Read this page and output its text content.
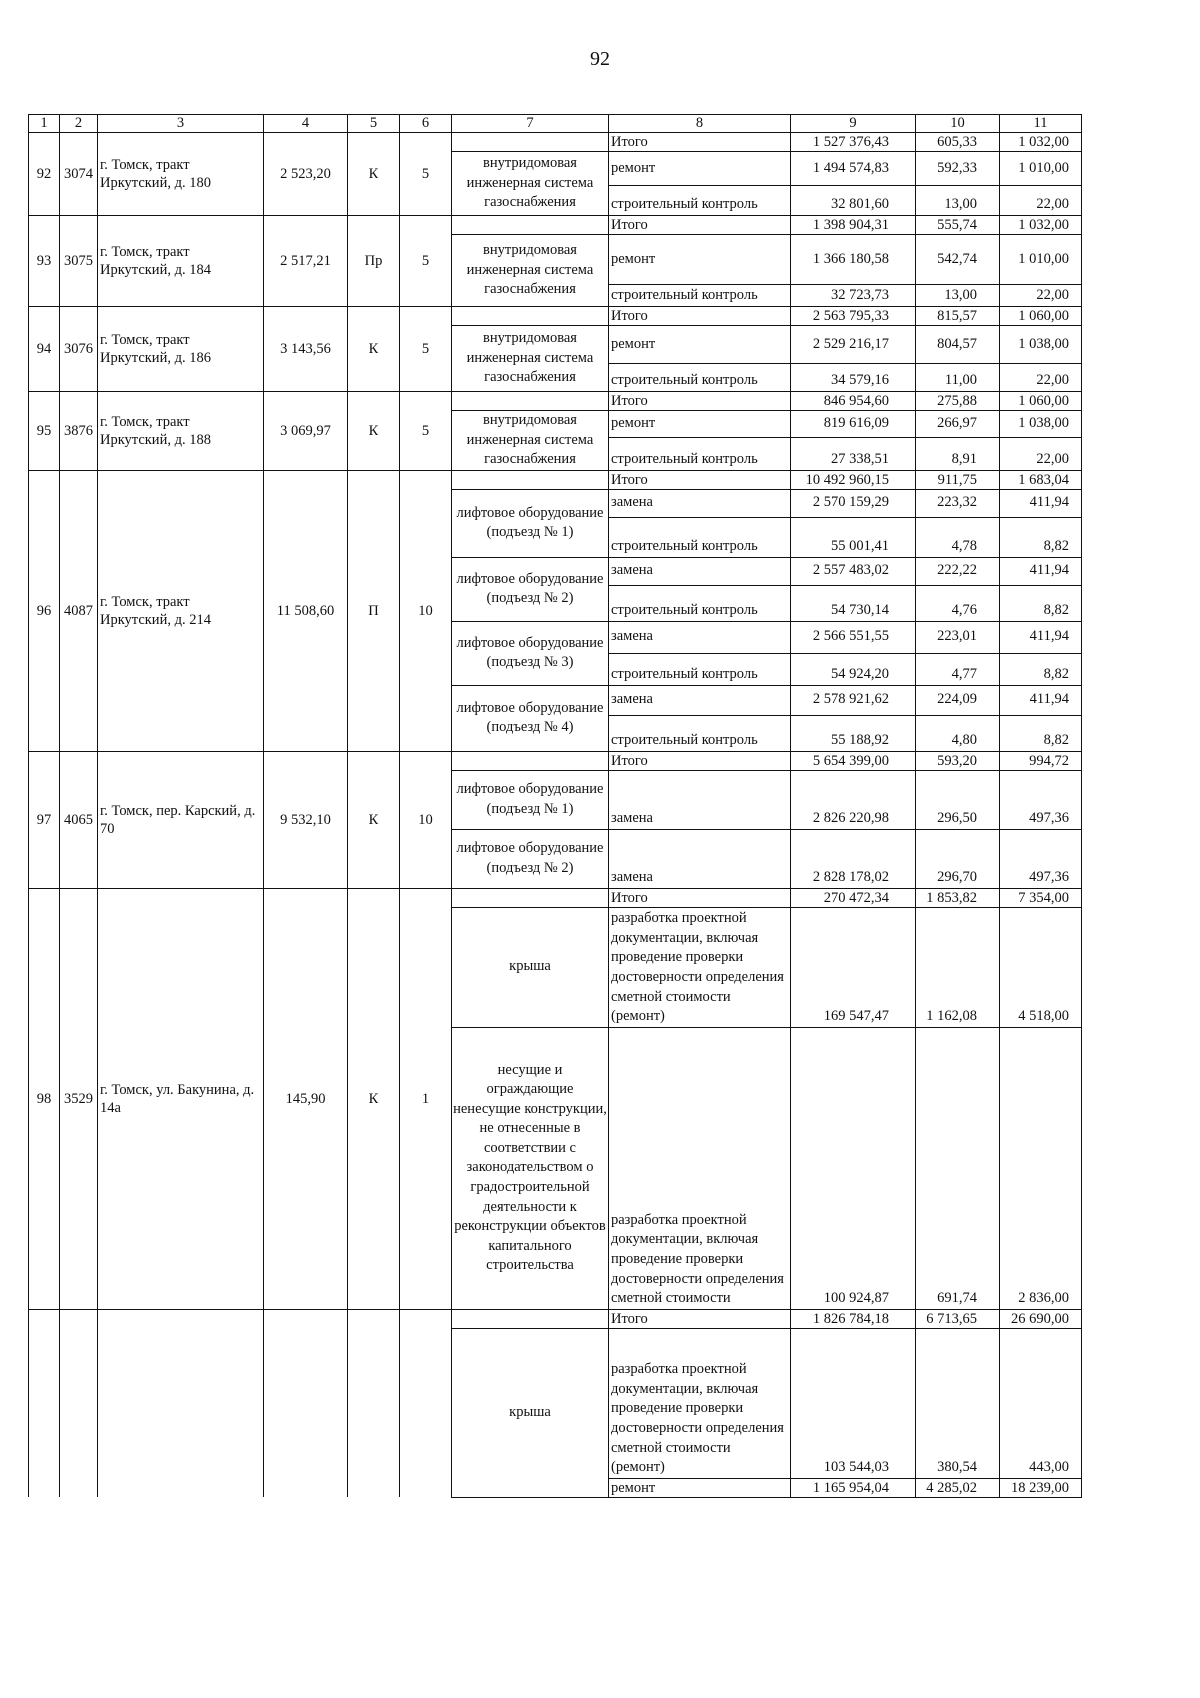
92
1	2	3	4	5	6	7	8	9	10	11
92	3074	г. Томск, тракт Иркутский, д. 180	2 523,20	К	5		Итого	1 527 376,43	605,33	1 032,00
						внутридомовая инженерная система газоснабжения	ремонт	1 494 574,83	592,33	1 010,00
							строительный контроль	32 801,60	13,00	22,00
93	3075	г. Томск, тракт Иркутский, д. 184	2 517,21	Пр	5		Итого	1 398 904,31	555,74	1 032,00
						внутридомовая инженерная система газоснабжения	ремонт	1 366 180,58	542,74	1 010,00
							строительный контроль	32 723,73	13,00	22,00
94	3076	г. Томск, тракт Иркутский, д. 186	3 143,56	К	5		Итого	2 563 795,33	815,57	1 060,00
						внутридомовая инженерная система газоснабжения	ремонт	2 529 216,17	804,57	1 038,00
							строительный контроль	34 579,16	11,00	22,00
95	3876	г. Томск, тракт Иркутский, д. 188	3 069,97	К	5		Итого	846 954,60	275,88	1 060,00
						внутридомовая инженерная система газоснабжения	ремонт	819 616,09	266,97	1 038,00
							строительный контроль	27 338,51	8,91	22,00
96	4087	г. Томск, тракт Иркутский, д. 214	11 508,60	П	10		Итого	10 492 960,15	911,75	1 683,04
						лифтовое оборудование (подъезд № 1)	замена	2 570 159,29	223,32	411,94
							строительный контроль	55 001,41	4,78	8,82
						лифтовое оборудование (подъезд № 2)	замена	2 557 483,02	222,22	411,94
							строительный контроль	54 730,14	4,76	8,82
						лифтовое оборудование (подъезд № 3)	замена	2 566 551,55	223,01	411,94
							строительный контроль	54 924,20	4,77	8,82
						лифтовое оборудование (подъезд № 4)	замена	2 578 921,62	224,09	411,94
							строительный контроль	55 188,92	4,80	8,82
97	4065	г. Томск, пер. Карский, д. 70	9 532,10	К	10		Итого	5 654 399,00	593,20	994,72
						лифтовое оборудование (подъезд № 1)	замена	2 826 220,98	296,50	497,36
						лифтовое оборудование (подъезд № 2)	замена	2 828 178,02	296,70	497,36
98	3529	г. Томск, ул. Бакунина, д. 14а	145,90	К	1		Итого	270 472,34	1 853,82	7 354,00
						крыша	разработка проектной документации, включая проведение проверки достоверности определения сметной стоимости (ремонт)	169 547,47	1 162,08	4 518,00
						несущие и ограждающие ненесущие конструкции, не отнесенные в соответствии с законодательством о градостроительной деятельности к реконструкции объектов капитального строительства	разработка проектной документации, включая проведение проверки достоверности определения сметной стоимости	100 924,87	691,74	2 836,00
							Итого	1 826 784,18	6 713,65	26 690,00
						крыша	разработка проектной документации, включая проведение проверки достоверности определения сметной стоимости (ремонт)	103 544,03	380,54	443,00
							ремонт	1 165 954,04	4 285,02	18 239,00
